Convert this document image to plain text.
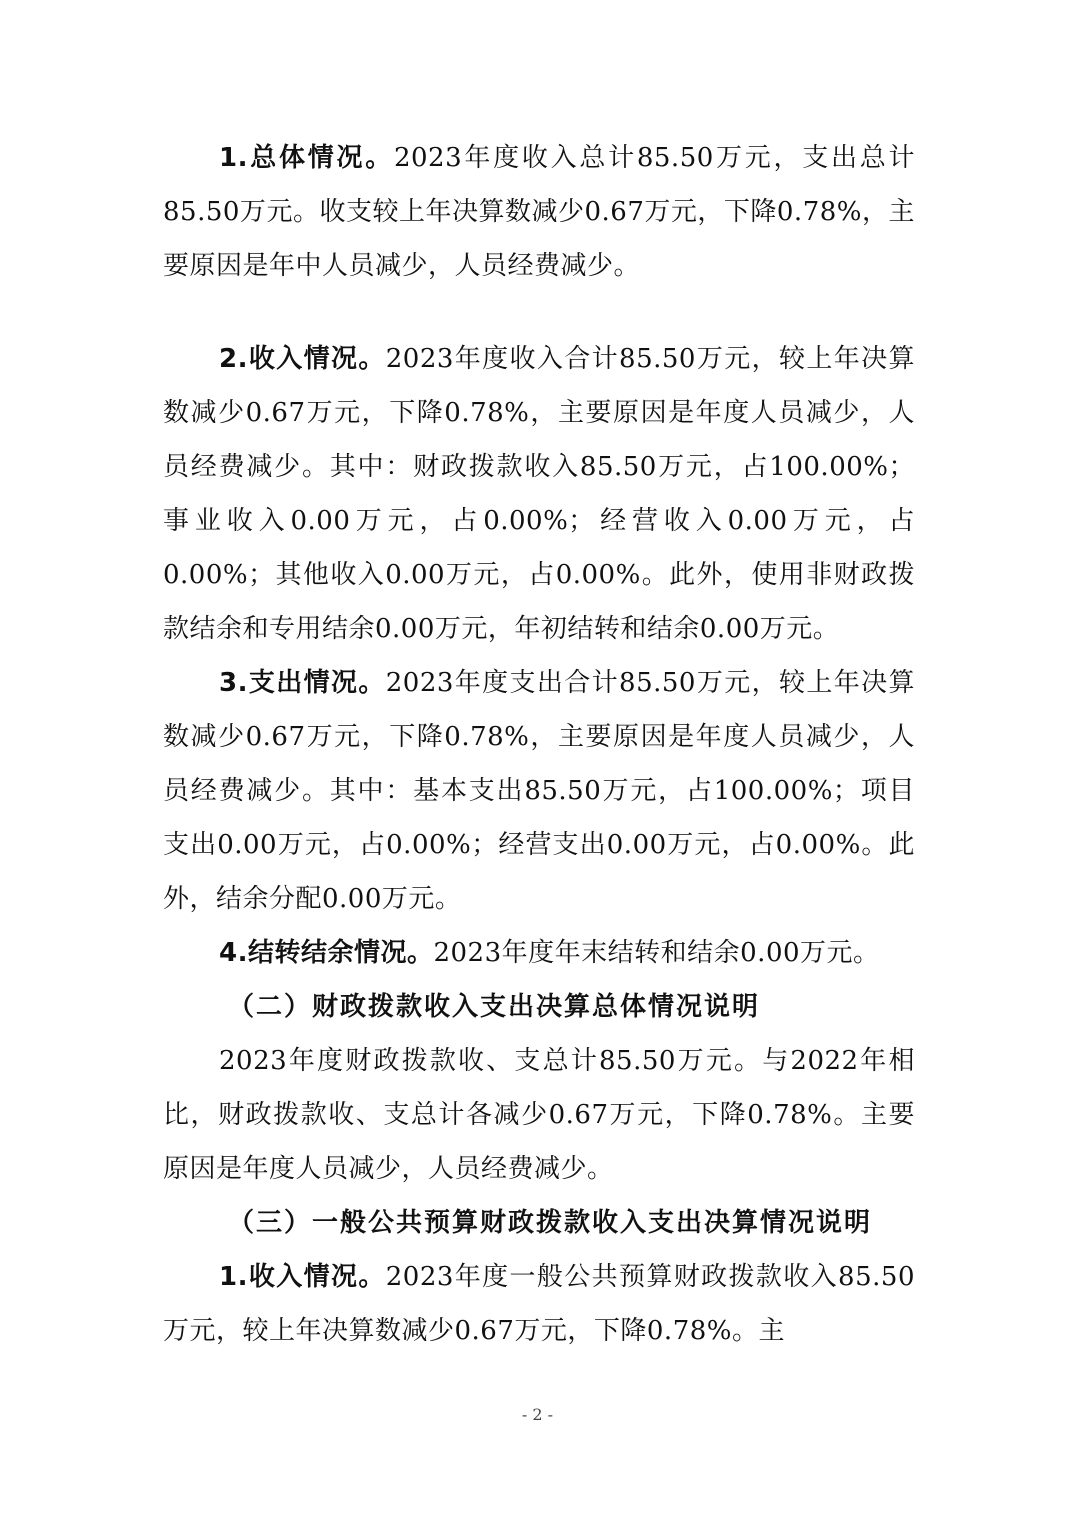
1.总体情况。2023年度收入总计85.50万元，支出总计85.50万元。收支较上年决算数减少0.67万元，下降0.78%，主要原因是年中人员减少，人员经费减少。

2.收入情况。2023年度收入合计85.50万元，较上年决算数减少0.67万元，下降0.78%，主要原因是年度人员减少，人员经费减少。其中：财政拨款收入85.50万元，占100.00%；事业收入0.00万元，占0.00%；经营收入0.00万元，占0.00%；其他收入0.00万元，占0.00%。此外，使用非财政拨款结余和专用结余0.00万元，年初结转和结余0.00万元。

3.支出情况。2023年度支出合计85.50万元，较上年决算数减少0.67万元，下降0.78%，主要原因是年度人员减少，人员经费减少。其中：基本支出85.50万元，占100.00%；项目支出0.00万元，占0.00%；经营支出0.00万元，占0.00%。此外，结余分配0.00万元。

4.结转结余情况。2023年度年末结转和结余0.00万元。

（二）财政拨款收入支出决算总体情况说明

2023年度财政拨款收、支总计85.50万元。与2022年相比，财政拨款收、支总计各减少0.67万元，下降0.78%。主要原因是年度人员减少，人员经费减少。

（三）一般公共预算财政拨款收入支出决算情况说明

1.收入情况。2023年度一般公共预算财政拨款收入85.50万元，较上年决算数减少0.67万元，下降0.78%。主

- 2 -
